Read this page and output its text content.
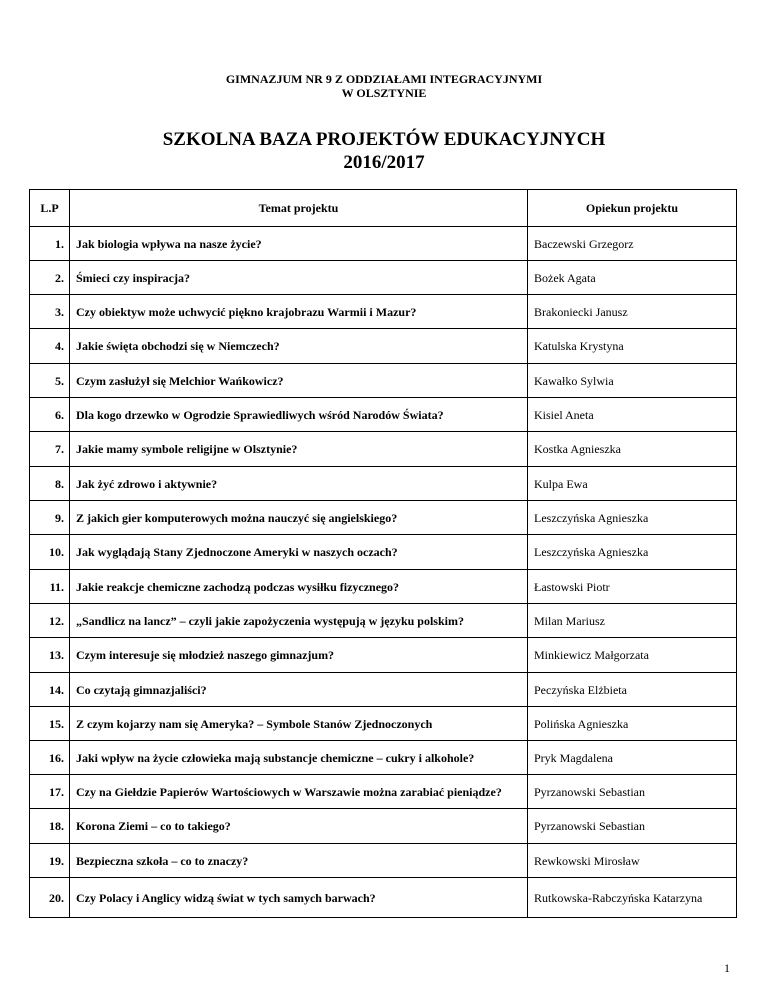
GIMNAZJUM NR 9 Z ODDZIAŁAMI INTEGRACYJNYMI
W OLSZTYNIE
SZKOLNA BAZA PROJEKTÓW EDUKACYJNYCH
2016/2017
L.P	Temat projektu	Opiekun projektu
1.	Jak biologia wpływa na nasze życie?	Baczewski Grzegorz
2.	Śmieci czy inspiracja?	Bożek Agata
3.	Czy obiektyw może uchwycić piękno krajobrazu Warmii i Mazur?	Brakoniecki Janusz
4.	Jakie święta obchodzi się w Niemczech?	Katulska Krystyna
5.	Czym zasłużył się Melchior Wańkowicz?	Kawałko Sylwia
6.	Dla kogo drzewko w Ogrodzie Sprawiedliwych wśród Narodów Świata?	Kisiel Aneta
7.	Jakie mamy symbole religijne w Olsztynie?	Kostka Agnieszka
8.	Jak żyć zdrowo i aktywnie?	Kulpa Ewa
9.	Z jakich gier komputerowych można nauczyć się angielskiego?	Leszczyńska Agnieszka
10.	Jak wyglądają Stany Zjednoczone Ameryki w naszych oczach?	Leszczyńska Agnieszka
11.	Jakie reakcje chemiczne zachodzą podczas wysiłku fizycznego?	Łastowski Piotr
12.	„Sandlicz na lancz” – czyli jakie zapożyczenia występują w języku polskim?	Milan Mariusz
13.	Czym interesuje się młodzież naszego gimnazjum?	Minkiewicz Małgorzata
14.	Co czytają gimnazjaliści?	Peczyńska Elżbieta
15.	Z czym kojarzy nam się Ameryka? – Symbole Stanów Zjednoczonych	Polińska Agnieszka
16.	Jaki wpływ na życie człowieka mają substancje chemiczne – cukry i alkohole?	Pryk Magdalena
17.	Czy na Giełdzie Papierów Wartościowych w Warszawie można zarabiać pieniądze?	Pyrzanowski Sebastian
18.	Korona Ziemi – co to takiego?	Pyrzanowski Sebastian
19.	Bezpieczna szkoła – co to znaczy?	Rewkowski Mirosław
20.	Czy Polacy i Anglicy widzą świat w tych samych barwach?	Rutkowska-Rabczyńska Katarzyna
1
